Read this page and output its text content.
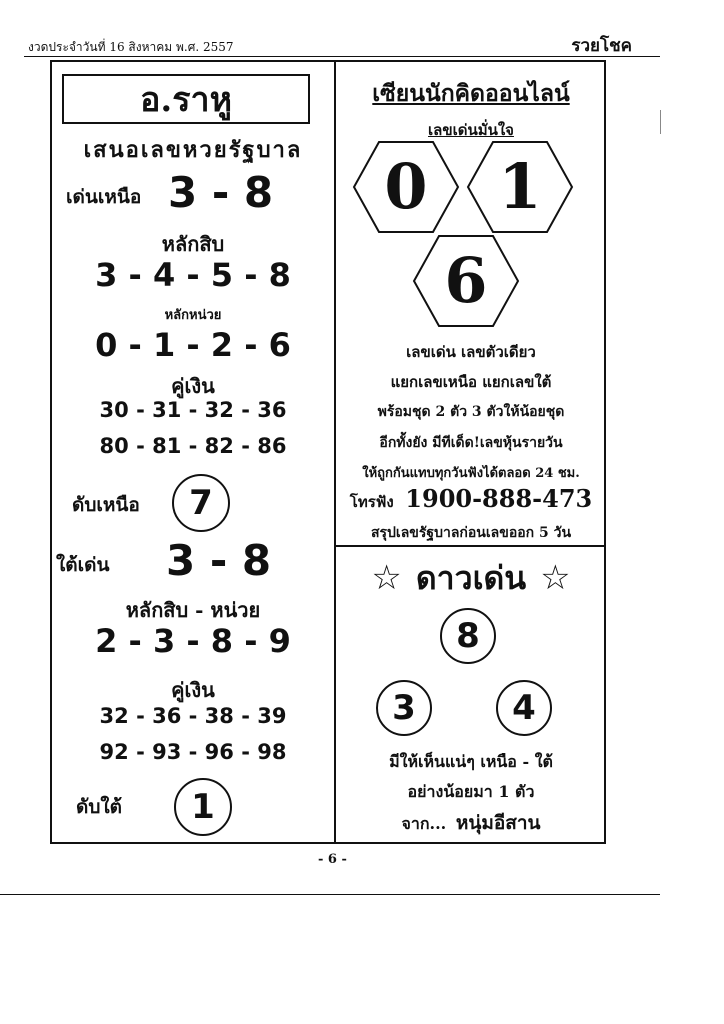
งวดประจำวันที่ 16 สิงหาคม พ.ศ. 2557	รวยโชค
อ.ราหู
เสนอเลขหวยรัฐบาล
เด่นเหนือ 3 - 8
หลักสิบ
3 - 4 - 5 - 8
หลักหน่วย
0 - 1 - 2 - 6
คู่เงิน
30 - 31 - 32 - 36
80 - 81 - 82 - 86
ดับเหนือ 7
ใต้เด่น 3 - 8
หลักสิบ - หน่วย
2 - 3 - 8 - 9
คู่เงิน
32 - 36 - 38 - 39
92 - 93 - 96 - 98
ดับใต้ 1
เซียนนักคิดออนไลน์
เลขเด่นมั่นใจ
0	1
6
เลขเด่น เลขตัวเดียว
แยกเลขเหนือ แยกเลขใต้
พร้อมชุด 2 ตัว 3 ตัวให้น้อยชุด
อีกทั้งยัง มีทีเด็ด!เลขหุ้นรายวัน
ให้ถูกกันแทบทุกวันฟังได้ตลอด 24 ชม.
โทรฟัง 1900-888-473
สรุปเลขรัฐบาลก่อนเลขออก 5 วัน
☆ ดาวเด่น ☆
8
3	4
มีให้เห็นแน่ๆ เหนือ - ใต้
อย่างน้อยมา 1 ตัว
จาก... หนุ่มอีสาน
- 6 -
